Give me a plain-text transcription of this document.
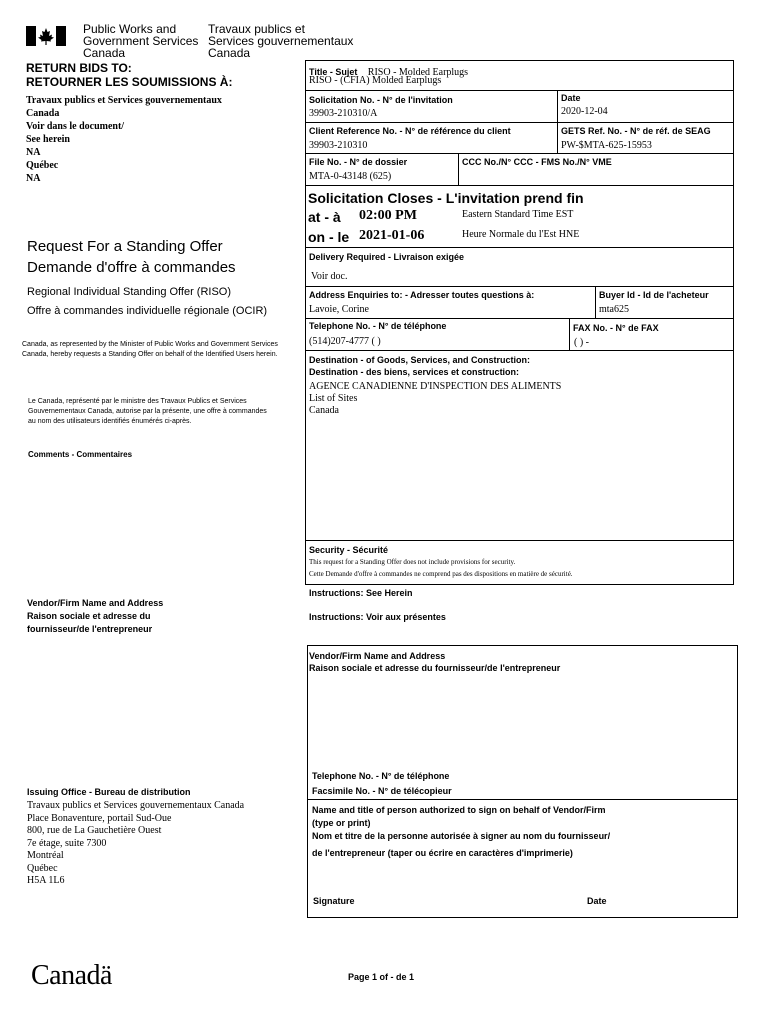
Public Works and
Government Services
Canada
Travaux publics et
Services gouvernementaux
Canada
RETURN BIDS TO:
RETOURNER LES SOUMISSIONS À:
Travaux publics et Services gouvernementaux
Canada
Voir dans le document/
See herein
NA
Québec
NA
Request For a Standing Offer
Demande d'offre à commandes
Regional Individual Standing Offer (RISO)
Offre à commandes individuelle régionale (OCIR)
Canada, as represented by the Minister of Public Works and Government Services Canada, hereby requests a Standing Offer on behalf of the Identified Users herein.
Le Canada, représenté par le ministre des Travaux Publics et Services Gouvernementaux Canada, autorise par la présente, une offre à commandes au nom des utilisateurs identifiés énumérés ci-après.
Comments - Commentaires
Vendor/Firm Name and Address
Raison sociale et adresse du
fournisseur/de l'entrepreneur
Issuing Office - Bureau de distribution
Travaux publics et Services gouvernementaux Canada
Place Bonaventure, portail Sud-Oue
800, rue de La Gauchetière Ouest
7e étage, suite 7300
Montréal
Québec
H5A 1L6
Title - Sujet RISO - Molded Earplugs
RISO - (CFIA) Molded Earplugs
Solicitation No. - N° de l'invitation
39903-210310/A
Date
2020-12-04
Client Reference No. - N° de référence du client
39903-210310
GETS Ref. No. - N° de réf. de SEAG
PW-$MTA-625-15953
File No. - N° de dossier
MTA-0-43148 (625)
CCC No./N° CCC - FMS No./N° VME
Solicitation Closes - L'invitation prend fin
at - à 02:00 PM	Eastern Standard Time EST
on - le 2021-01-06	Heure Normale du l'Est HNE
Delivery Required - Livraison exigée
Voir doc.
Address Enquiries to: - Adresser toutes questions à:
Lavoie, Corine
Buyer Id - Id de l'acheteur
mta625
Telephone No. - N° de téléphone
(514)207-4777 ( )
FAX No. - N° de FAX
( ) -
Destination - of Goods, Services, and Construction:
Destination - des biens, services et construction:
AGENCE CANADIENNE D'INSPECTION DES ALIMENTS
List of Sites
Canada
Security - Sécurité
This request for a Standing Offer does not include provisions for security.
Cette Demande d'offre à commandes ne comprend pas des dispositions en matière de sécurité.
Instructions: See Herein
Instructions: Voir aux présentes
Vendor/Firm Name and Address
Raison sociale et adresse du fournisseur/de l'entrepreneur
Telephone No. - N° de téléphone
Facsimile No. - N° de télécopieur
Name and title of person authorized to sign on behalf of Vendor/Firm
(type or print)
Nom et titre de la personne autorisée à signer au nom du fournisseur/
de l'entrepreneur (taper ou écrire en caractères d'imprimerie)
Signature	Date
Canadä	Page 1 of - de 1
